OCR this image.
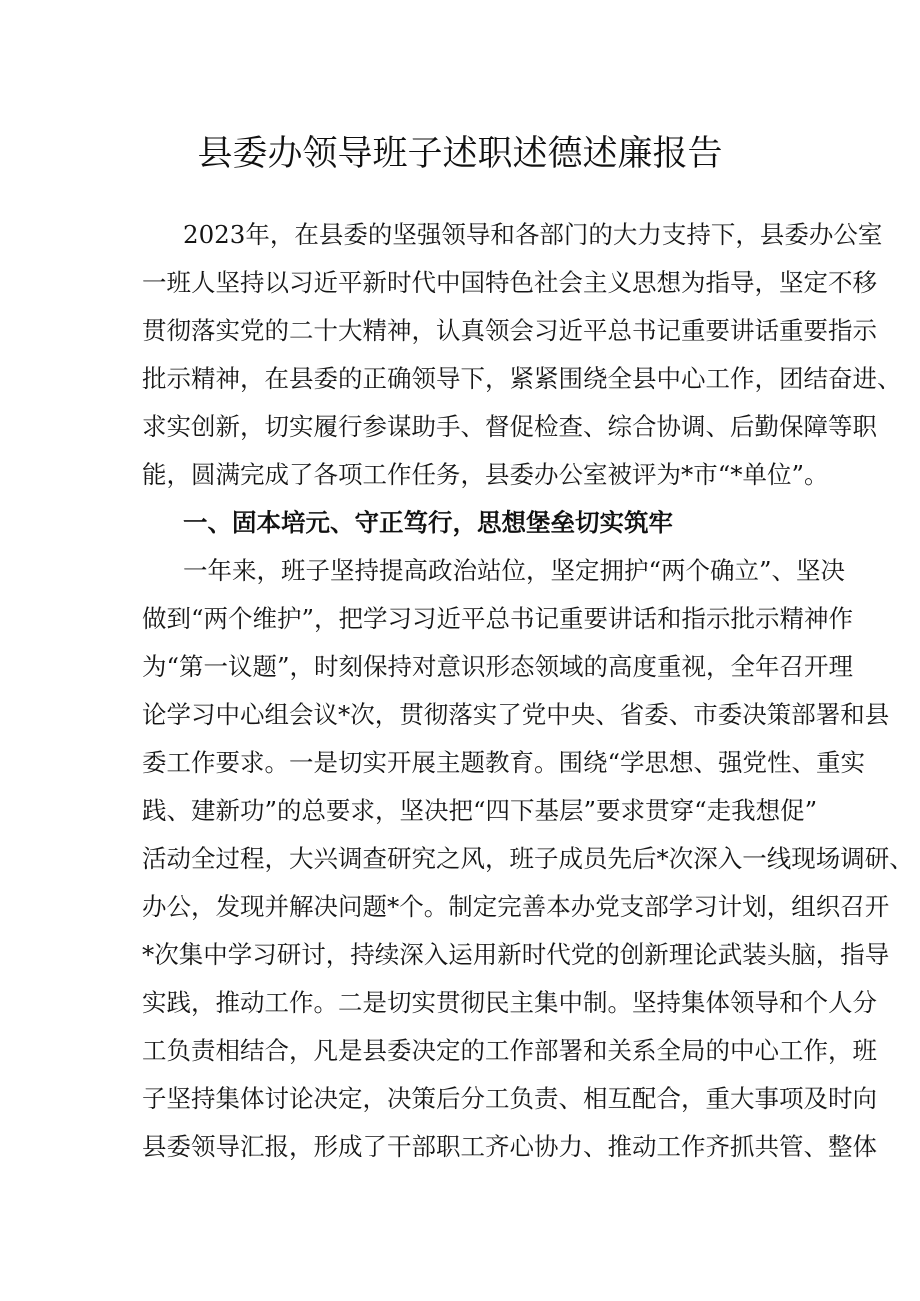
县委办领导班子述职述德述廉报告
2023年，在县委的坚强领导和各部门的大力支持下，县委办公室
一班人坚持以习近平新时代中国特色社会主义思想为指导，坚定不移
贯彻落实党的二十大精神，认真领会习近平总书记重要讲话重要指示
批示精神，在县委的正确领导下，紧紧围绕全县中心工作，团结奋进、
求实创新，切实履行参谋助手、督促检查、综合协调、后勤保障等职
能，圆满完成了各项工作任务，县委办公室被评为*市“*单位”。
一、固本培元、守正笃行，思想堡垒切实筑牢
一年来，班子坚持提高政治站位，坚定拥护“两个确立”、坚决
做到“两个维护”，把学习习近平总书记重要讲话和指示批示精神作
为“第一议题”，时刻保持对意识形态领域的高度重视，全年召开理
论学习中心组会议*次，贯彻落实了党中央、省委、市委决策部署和县
委工作要求。一是切实开展主题教育。围绕“学思想、强党性、重实
践、建新功”的总要求，坚决把“四下基层”要求贯穿“走我想促”
活动全过程，大兴调查研究之风，班子成员先后*次深入一线现场调研、
办公，发现并解决问题*个。制定完善本办党支部学习计划，组织召开
*次集中学习研讨，持续深入运用新时代党的创新理论武装头脑，指导
实践，推动工作。二是切实贯彻民主集中制。坚持集体领导和个人分
工负责相结合，凡是县委决定的工作部署和关系全局的中心工作，班
子坚持集体讨论决定，决策后分工负责、相互配合，重大事项及时向
县委领导汇报，形成了干部职工齐心协力、推动工作齐抓共管、整体
